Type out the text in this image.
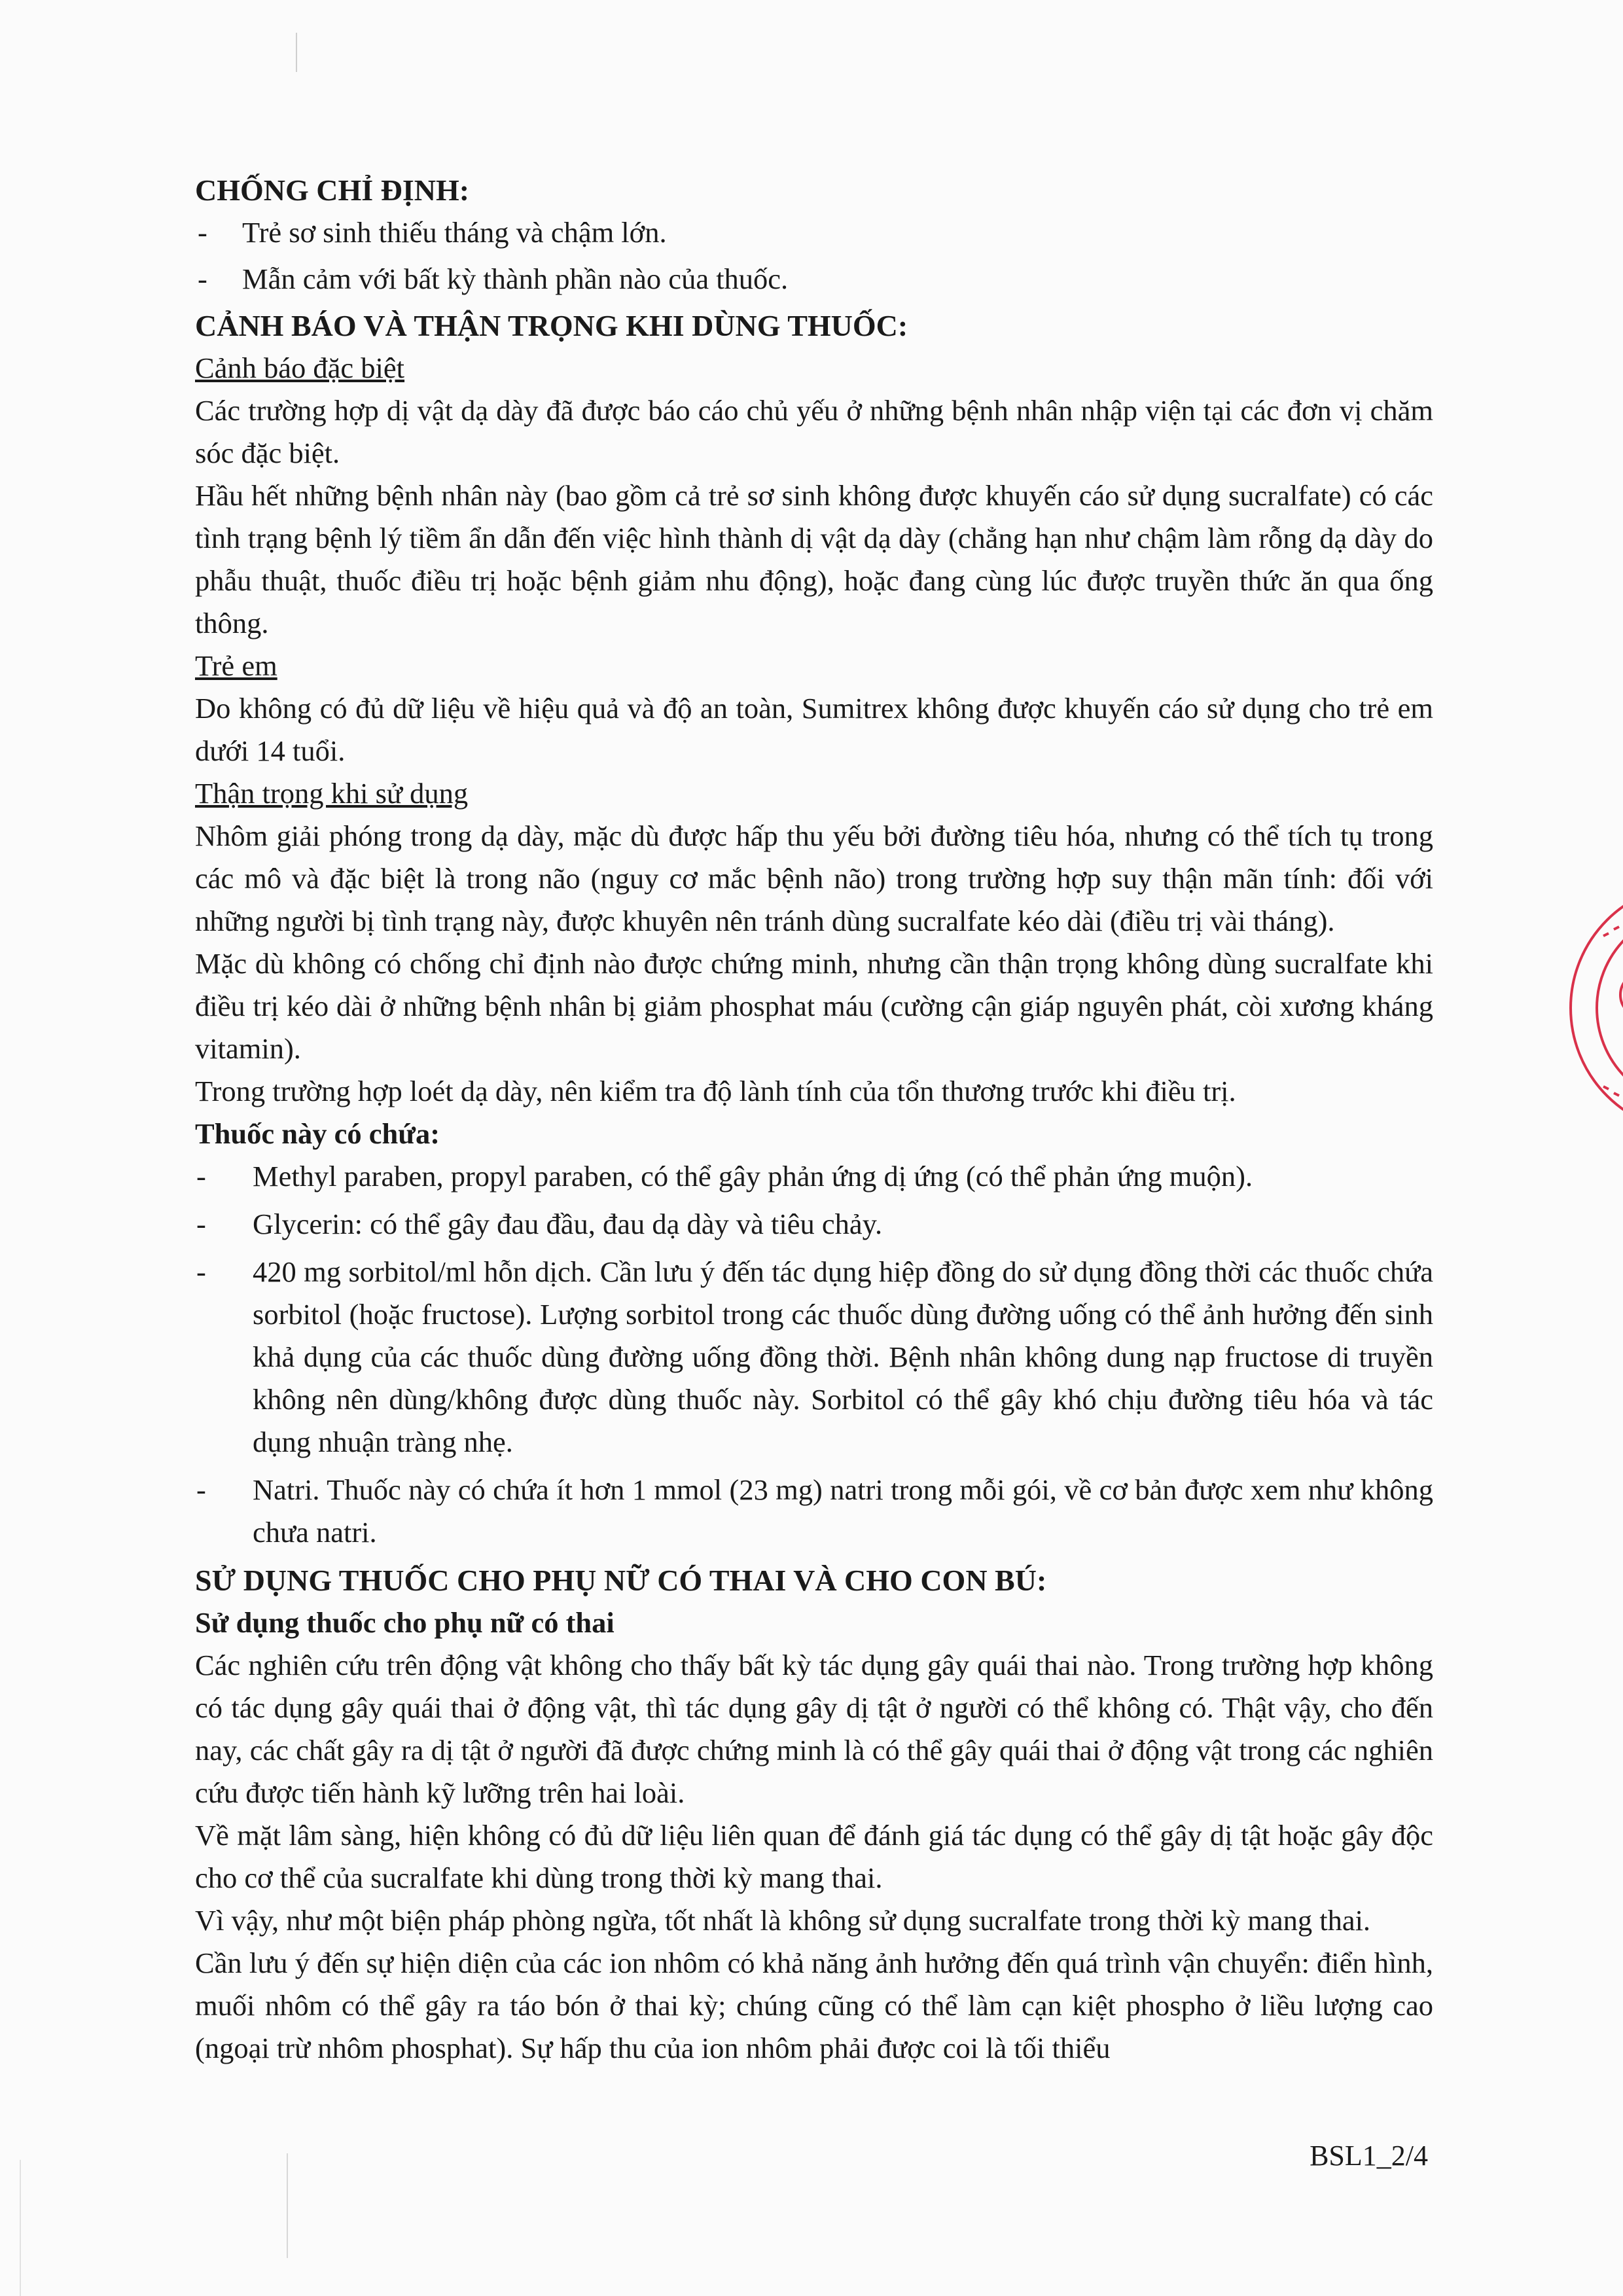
CHỐNG CHỈ ĐỊNH:
- Trẻ sơ sinh thiếu tháng và chậm lớn.
- Mẫn cảm với bất kỳ thành phần nào của thuốc.
CẢNH BÁO VÀ THẬN TRỌNG KHI DÙNG THUỐC:

Cảnh báo đặc biệt

Các trường hợp dị vật dạ dày đã được báo cáo chủ yếu ở những bệnh nhân nhập viện tại các đơn vị chăm sóc đặc biệt.

Hầu hết những bệnh nhân này (bao gồm cả trẻ sơ sinh không được khuyến cáo sử dụng sucralfate) có các tình trạng bệnh lý tiềm ẩn dẫn đến việc hình thành dị vật dạ dày (chẳng hạn như chậm làm rỗng dạ dày do phẫu thuật, thuốc điều trị hoặc bệnh giảm nhu động), hoặc đang cùng lúc được truyền thức ăn qua ống thông.

Trẻ em

Do không có đủ dữ liệu về hiệu quả và độ an toàn, Sumitrex không được khuyến cáo sử dụng cho trẻ em dưới 14 tuổi.

Thận trọng khi sử dụng

Nhôm giải phóng trong dạ dày, mặc dù được hấp thu yếu bởi đường tiêu hóa, nhưng có thể tích tụ trong các mô và đặc biệt là trong não (nguy cơ mắc bệnh não) trong trường hợp suy thận mãn tính: đối với những người bị tình trạng này, được khuyên nên tránh dùng sucralfate kéo dài (điều trị vài tháng).

Mặc dù không có chống chỉ định nào được chứng minh, nhưng cần thận trọng không dùng sucralfate khi điều trị kéo dài ở những bệnh nhân bị giảm phosphat máu (cường cận giáp nguyên phát, còi xương kháng vitamin).

Trong trường hợp loét dạ dày, nên kiểm tra độ lành tính của tổn thương trước khi điều trị.

Thuốc này có chứa:

- Methyl paraben, propyl paraben, có thể gây phản ứng dị ứng (có thể phản ứng muộn).
- Glycerin: có thể gây đau đầu, đau dạ dày và tiêu chảy.
- 420 mg sorbitol/ml hỗn dịch. Cần lưu ý đến tác dụng hiệp đồng do sử dụng đồng thời các thuốc chứa sorbitol (hoặc fructose). Lượng sorbitol trong các thuốc dùng đường uống có thể ảnh hưởng đến sinh khả dụng của các thuốc dùng đường uống đồng thời. Bệnh nhân không dung nạp fructose di truyền không nên dùng/không được dùng thuốc này. Sorbitol có thể gây khó chịu đường tiêu hóa và tác dụng nhuận tràng nhẹ.
- Natri. Thuốc này có chứa ít hơn 1 mmol (23 mg) natri trong mỗi gói, về cơ bản được xem như không chưa natri.
SỬ DỤNG THUỐC CHO PHỤ NỮ CÓ THAI VÀ CHO CON BÚ:

Sử dụng thuốc cho phụ nữ có thai

Các nghiên cứu trên động vật không cho thấy bất kỳ tác dụng gây quái thai nào. Trong trường hợp không có tác dụng gây quái thai ở động vật, thì tác dụng gây dị tật ở người có thể không có. Thật vậy, cho đến nay, các chất gây ra dị tật ở người đã được chứng minh là có thể gây quái thai ở động vật trong các nghiên cứu được tiến hành kỹ lưỡng trên hai loài.

Về mặt lâm sàng, hiện không có đủ dữ liệu liên quan để đánh giá tác dụng có thể gây dị tật hoặc gây độc cho cơ thể của sucralfate khi dùng trong thời kỳ mang thai.

Vì vậy, như một biện pháp phòng ngừa, tốt nhất là không sử dụng sucralfate trong thời kỳ mang thai.

Cần lưu ý đến sự hiện diện của các ion nhôm có khả năng ảnh hưởng đến quá trình vận chuyển: điển hình, muối nhôm có thể gây ra táo bón ở thai kỳ; chúng cũng có thể làm cạn kiệt phospho ở liều lượng cao (ngoại trừ nhôm phosphat). Sự hấp thu của ion nhôm phải được coi là tối thiểu

BSL1_2/4
